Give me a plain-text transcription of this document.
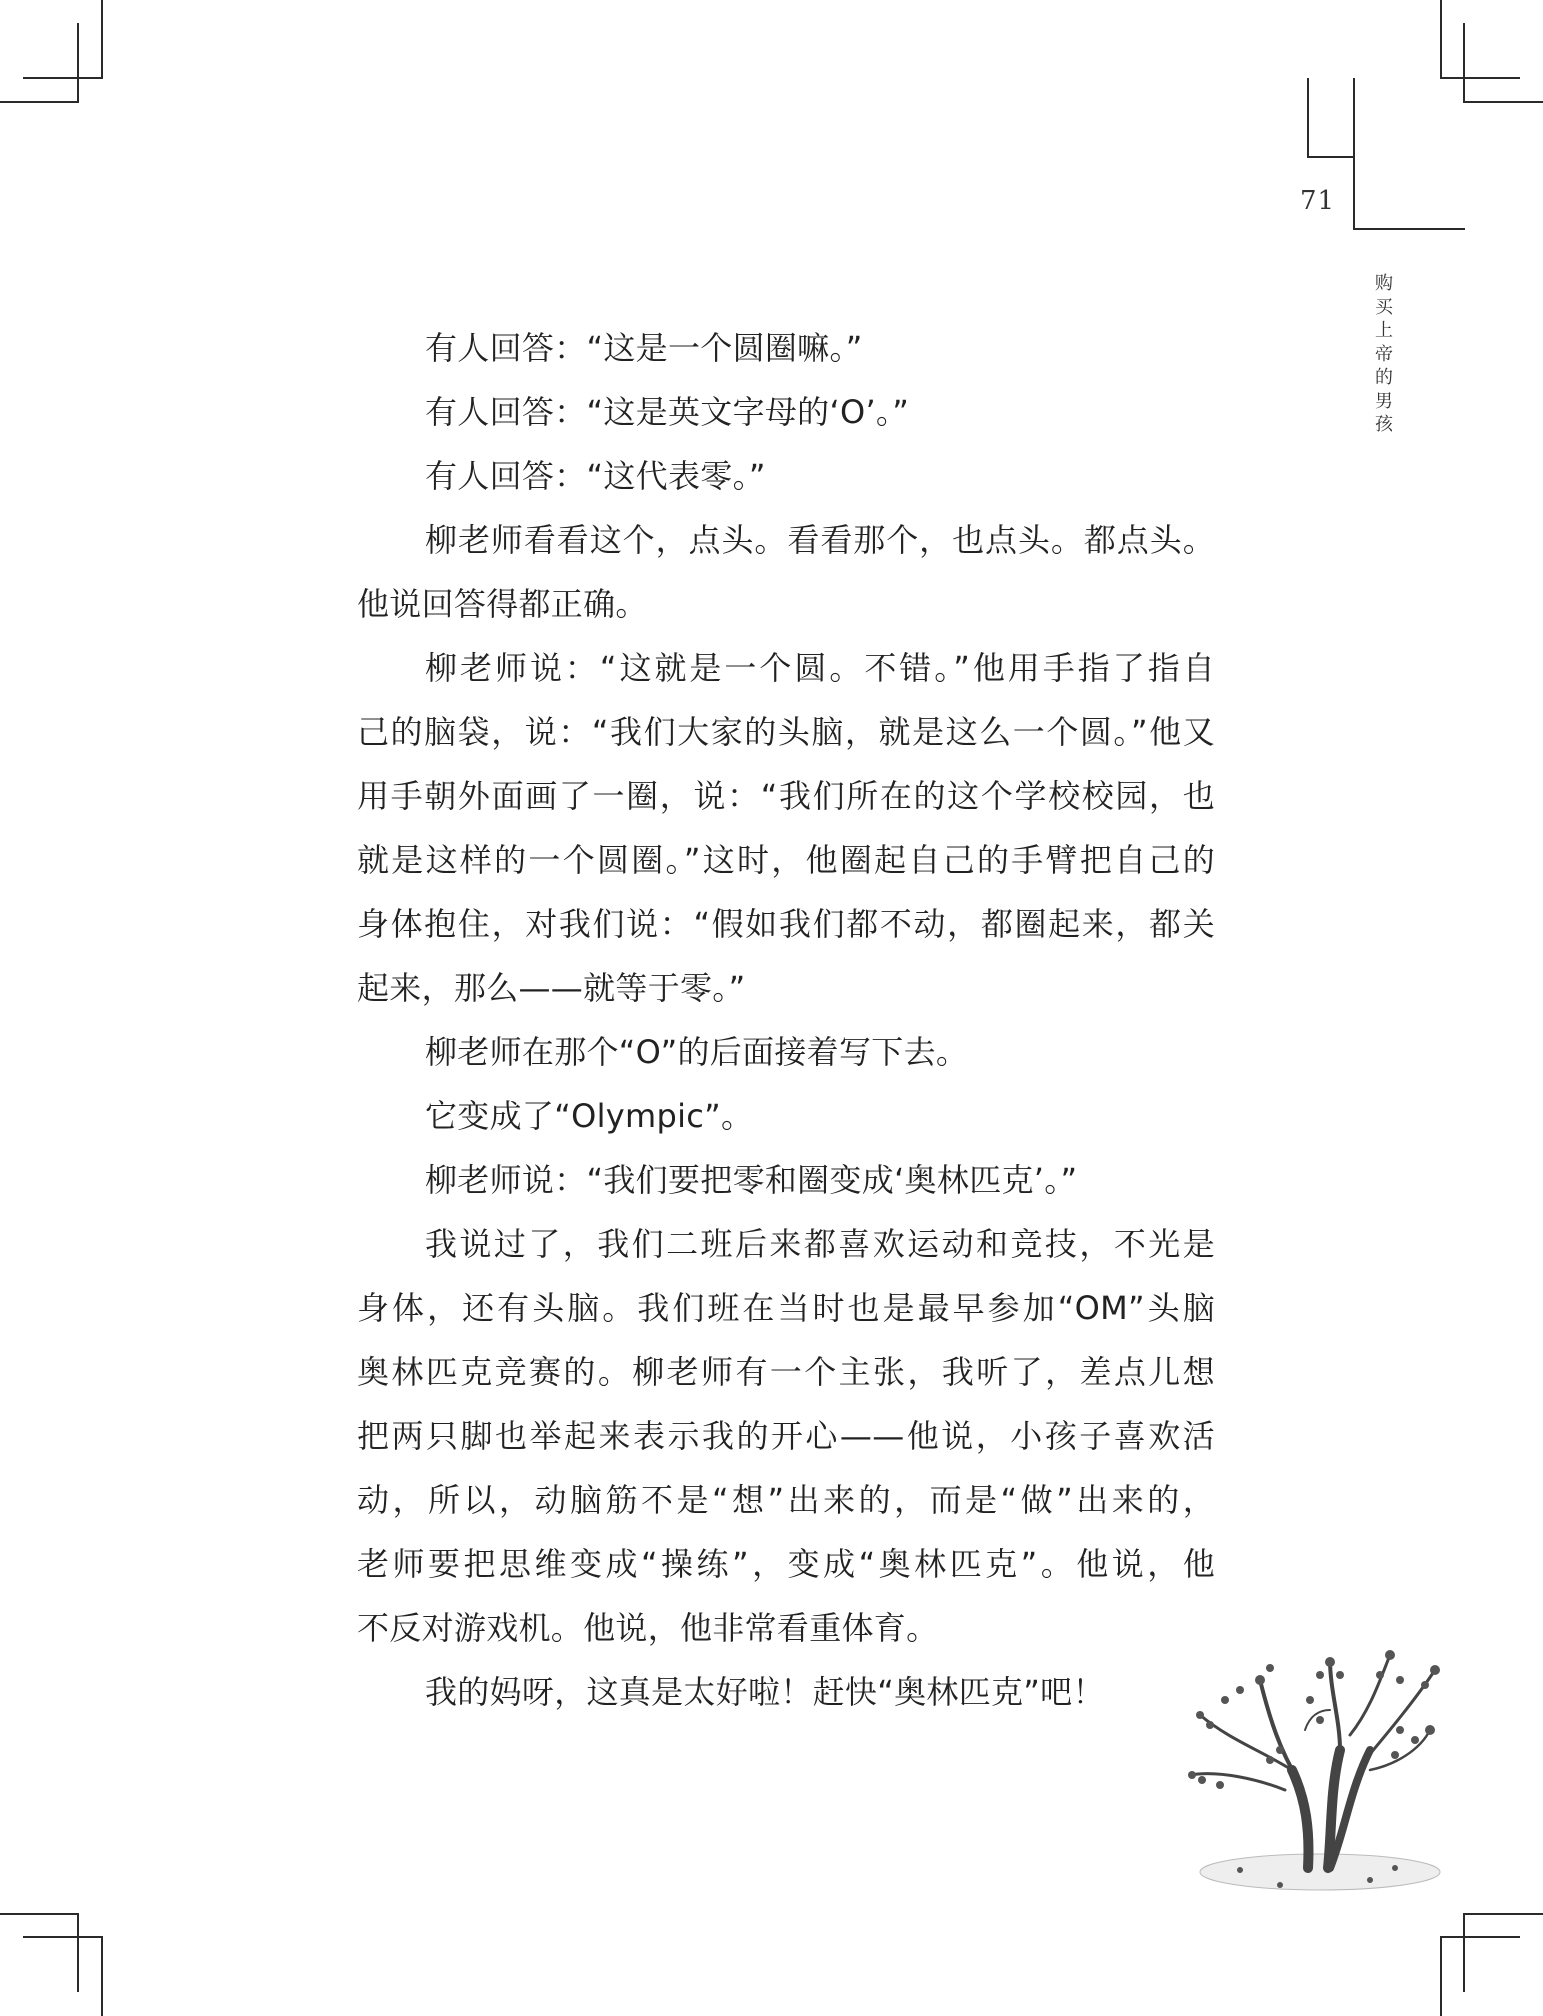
71
购
买
上
帝
的
男
孩
有人回答：“这是一个圆圈嘛。”
有人回答：“这是英文字母的‘O’。”
有人回答：“这代表零。”
柳老师看看这个，点头。看看那个，也点头。都点头。
他说回答得都正确。
柳老师说：“这就是一个圆。不错。”他用手指了指自
己的脑袋，说：“我们大家的头脑，就是这么一个圆。”他又
用手朝外面画了一圈，说：“我们所在的这个学校校园，也
就是这样的一个圆圈。”这时，他圈起自己的手臂把自己的
身体抱住，对我们说：“假如我们都不动，都圈起来，都关
起来，那么——就等于零。”
柳老师在那个“O”的后面接着写下去。
它变成了“Olympic”。
柳老师说：“我们要把零和圈变成‘奥林匹克’。”
我说过了，我们二班后来都喜欢运动和竞技，不光是
身体，还有头脑。我们班在当时也是最早参加“OM”头脑
奥林匹克竞赛的。柳老师有一个主张，我听了，差点儿想
把两只脚也举起来表示我的开心——他说，小孩子喜欢活
动，所以，动脑筋不是“想”出来的，而是“做”出来的，
老师要把思维变成“操练”，变成“奥林匹克”。他说，他
不反对游戏机。他说，他非常看重体育。
我的妈呀，这真是太好啦！赶快“奥林匹克”吧！
